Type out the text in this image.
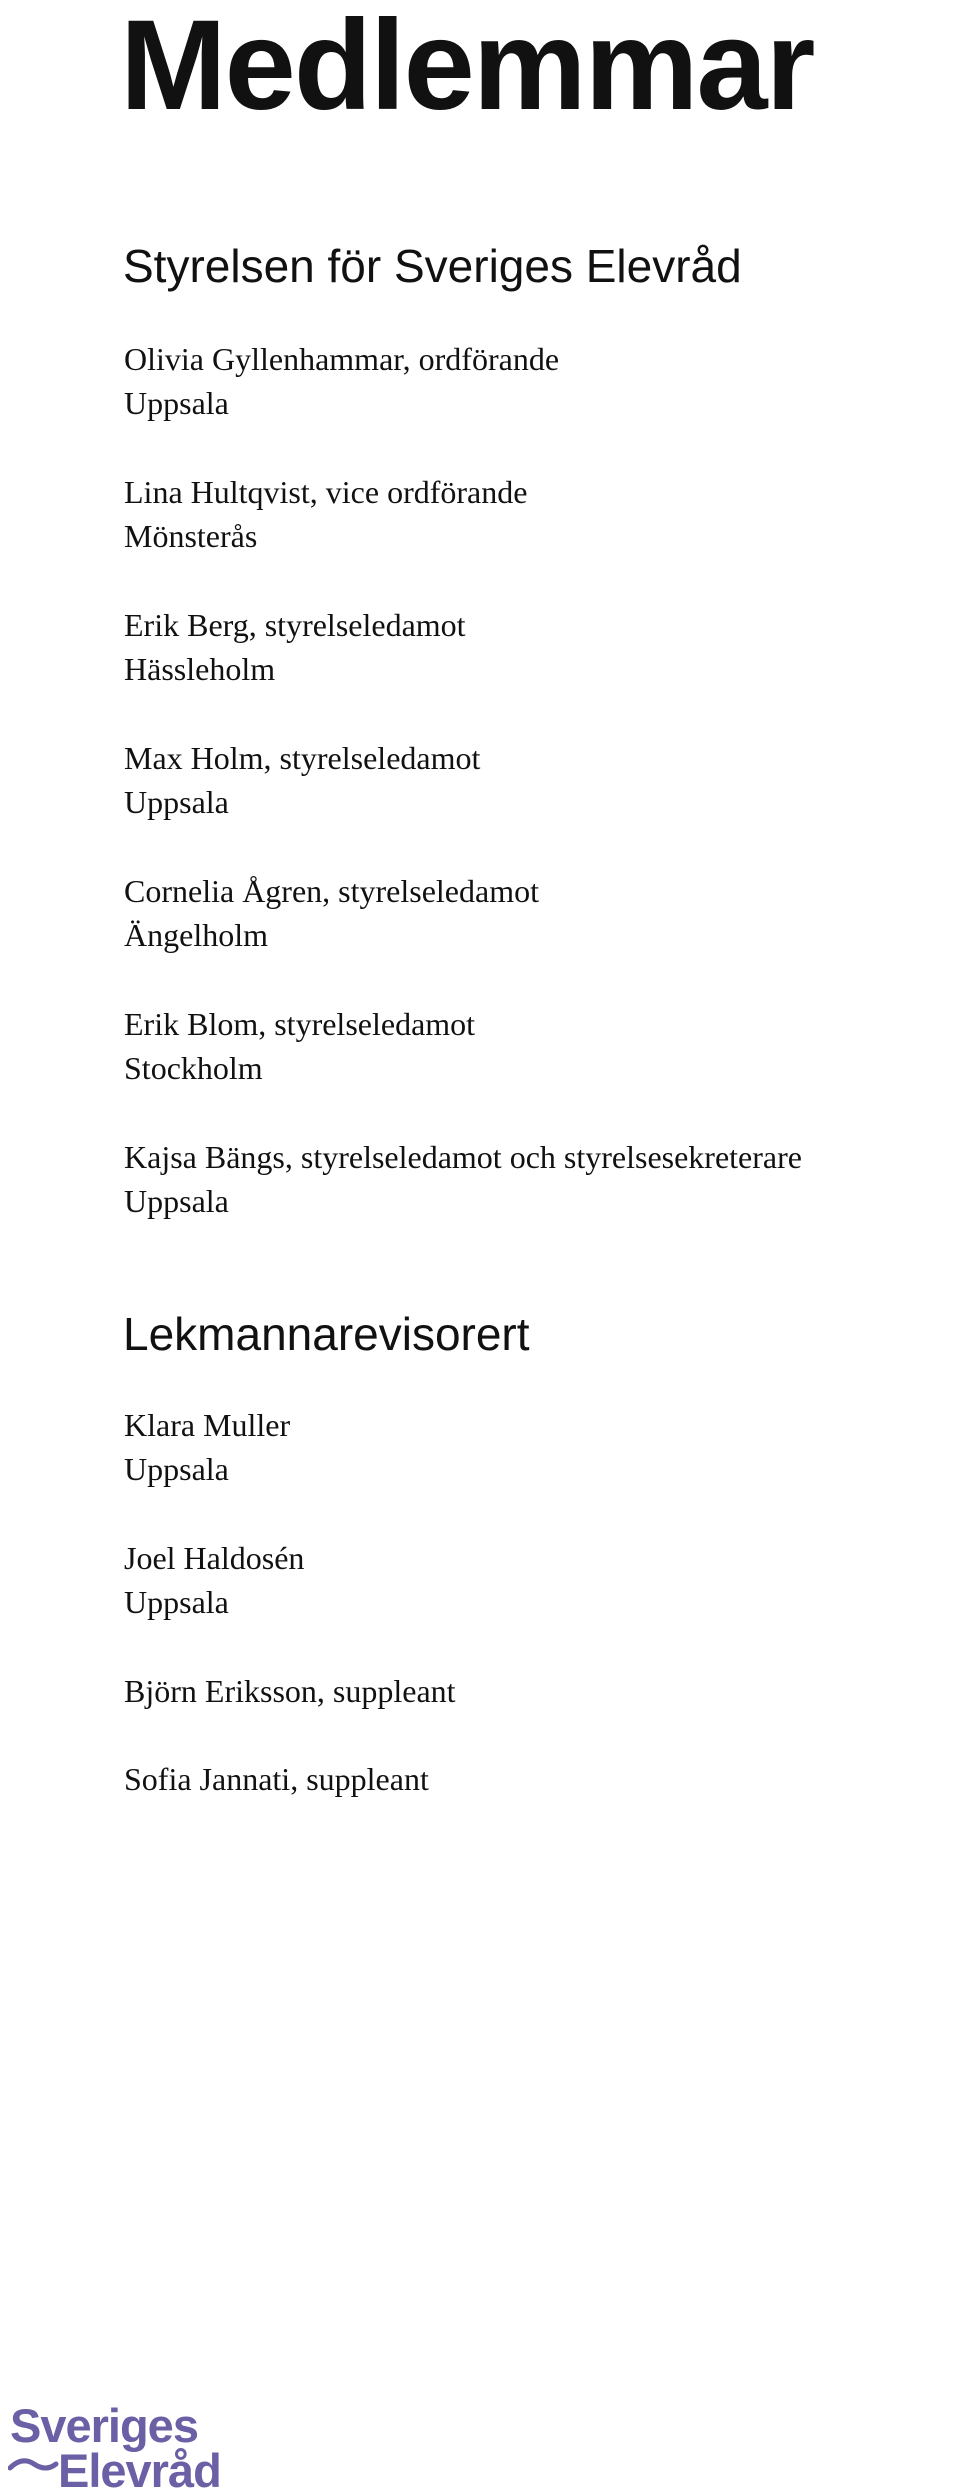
Medlemmar
Styrelsen för Sveriges Elevråd
Olivia Gyllenhammar, ordförande
Uppsala
Lina Hultqvist, vice ordförande
Mönsterås
Erik Berg, styrelseledamot
Hässleholm
Max Holm, styrelseledamot
Uppsala
Cornelia Ågren, styrelseledamot
Ängelholm
Erik Blom, styrelseledamot
Stockholm
Kajsa Bängs, styrelseledamot och styrelsesekreterare
Uppsala
Lekmannarevisorert
Klara Muller
Uppsala
Joel Haldosén
Uppsala
Björn Eriksson, suppleant
Sofia Jannati, suppleant
Sveriges
Elevråd
